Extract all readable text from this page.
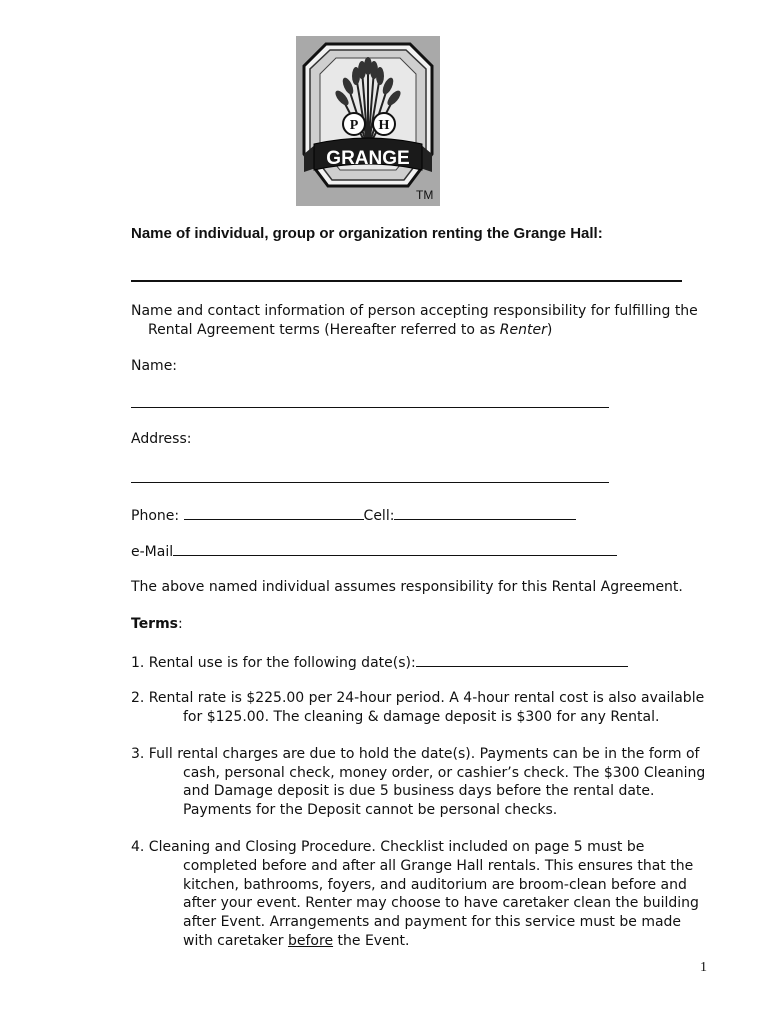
P H
GRANGE
TM
Name of individual, group or organization renting the Grange Hall:
Name and contact information of person accepting responsibility for fulfilling the
Rental Agreement terms (Hereafter referred to as Renter)
Name:
Address:
Phone:	Cell:
e-Mail
The above named individual assumes responsibility for this Rental Agreement.
Terms:
1. Rental use is for the following date(s):
2. Rental rate is $225.00 per 24-hour period. A 4-hour rental cost is also available
for $125.00. The cleaning & damage deposit is $300 for any Rental.
3. Full rental charges are due to hold the date(s). Payments can be in the form of
cash, personal check, money order, or cashier’s check. The $300 Cleaning
and Damage deposit is due 5 business days before the rental date.
Payments for the Deposit cannot be personal checks.
4. Cleaning and Closing Procedure. Checklist included on page 5 must be
completed before and after all Grange Hall rentals. This ensures that the
kitchen, bathrooms, foyers, and auditorium are broom-clean before and
after your event. Renter may choose to have caretaker clean the building
after Event. Arrangements and payment for this service must be made
with caretaker before the Event.
1
